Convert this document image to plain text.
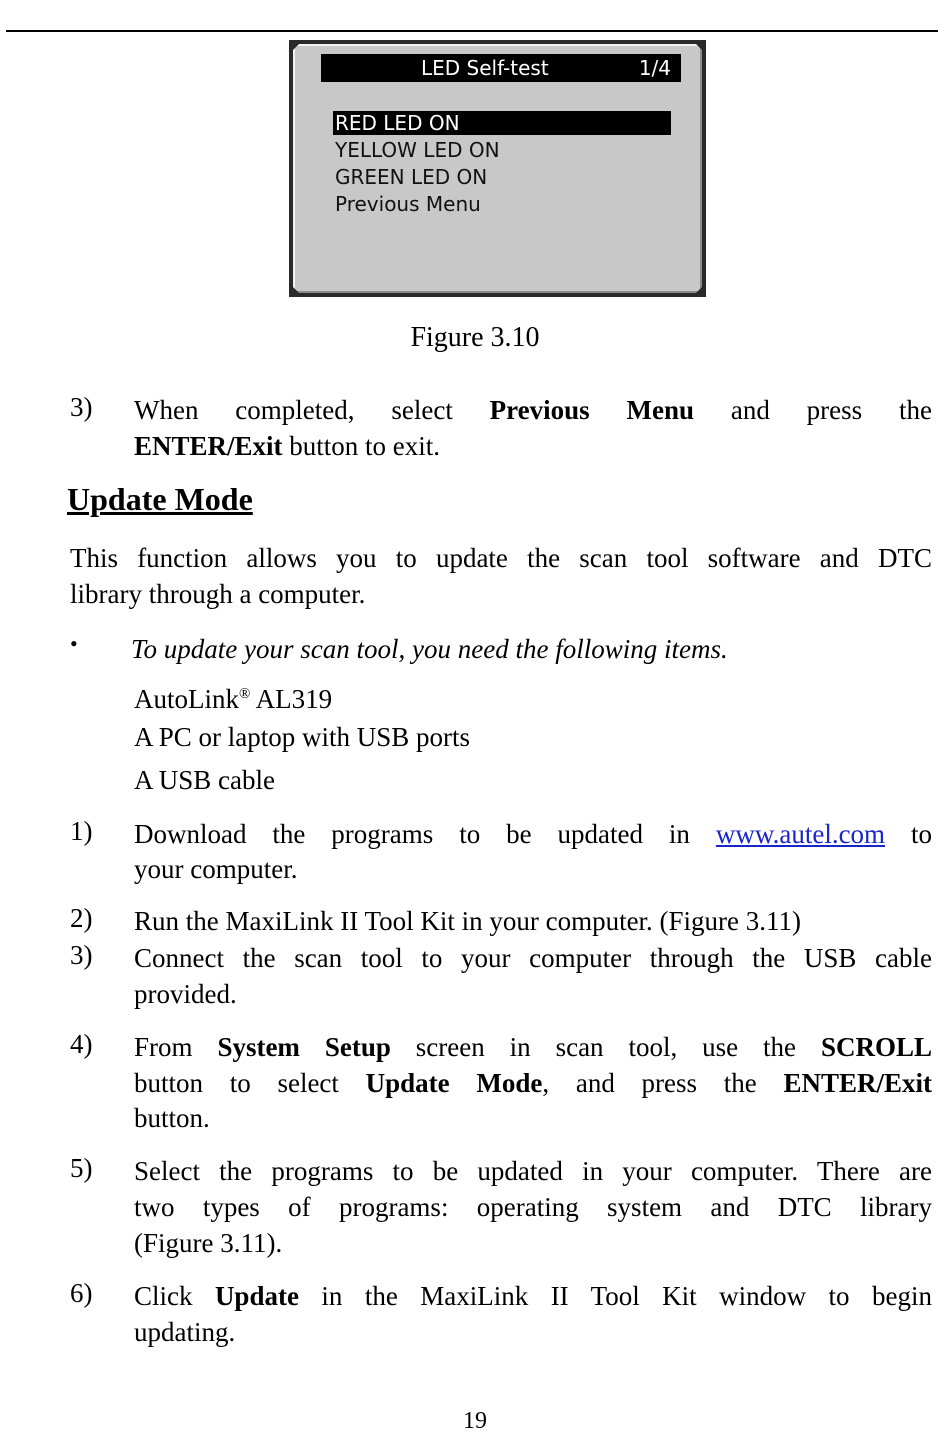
LED Self-test	1/4
RED LED ON
YELLOW LED ON
GREEN LED ON
Previous Menu
Figure 3.10
3) When completed, select Previous Menu and press the
ENTER/Exit button to exit.
Update Mode
This function allows you to update the scan tool software and DTC
library through a computer.
• To update your scan tool, you need the following items.
AutoLink® AL319
A PC or laptop with USB ports
A USB cable
1) Download the programs to be updated in www.autel.com to
your computer.
2) Run the MaxiLink II Tool Kit in your computer. (Figure 3.11)
3) Connect the scan tool to your computer through the USB cable
provided.
4) From System Setup screen in scan tool, use the SCROLL
button to select Update Mode, and press the ENTER/Exit
button.
5) Select the programs to be updated in your computer. There are
two types of programs: operating system and DTC library
(Figure 3.11).
6) Click Update in the MaxiLink II Tool Kit window to begin
updating.
19
